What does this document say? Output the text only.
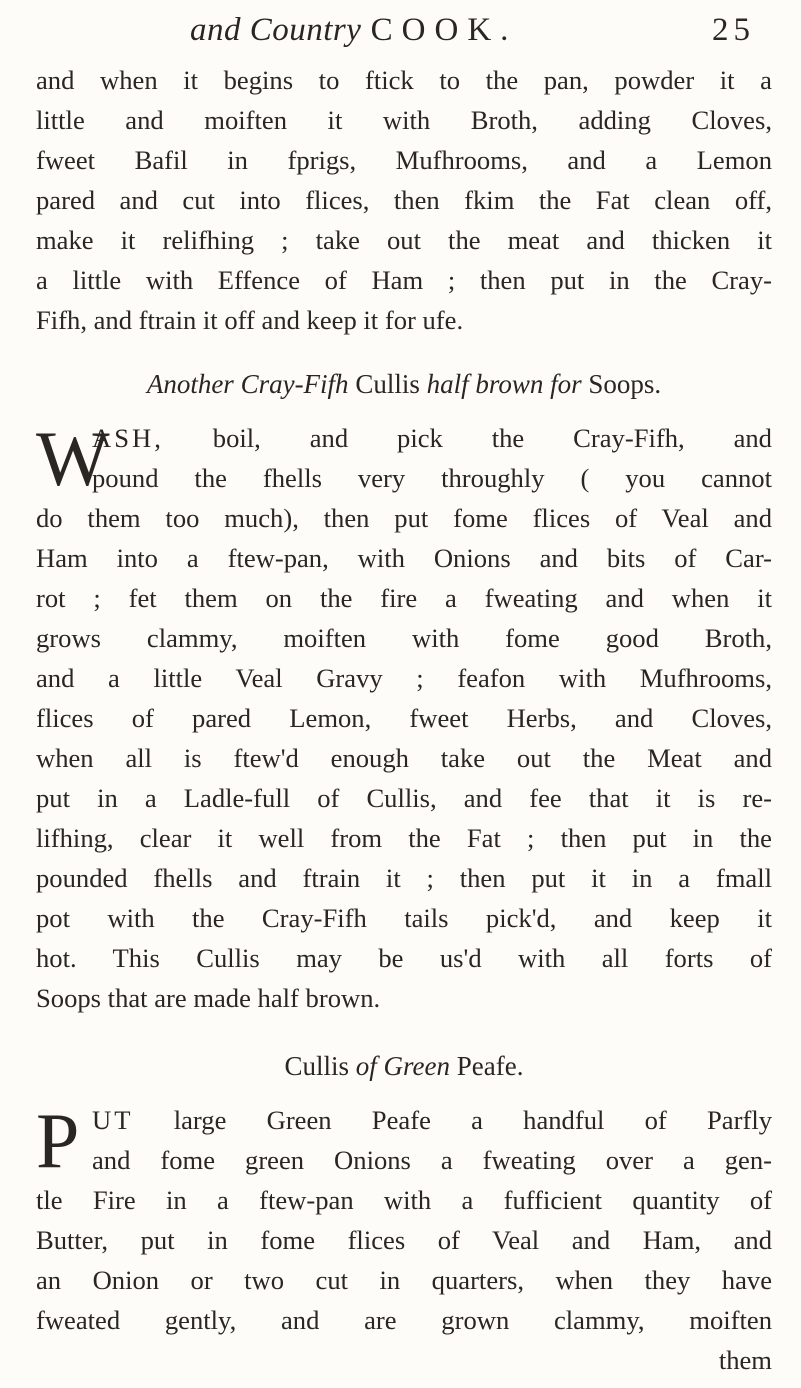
and Country COOK.	25
and when it begins to ftick to the pan, powder it a
little and moiften it with Broth, adding Cloves,
fweet Bafil in fprigs, Mufhrooms, and a Lemon
pared and cut into flices, then fkim the Fat clean off,
make it relifhing ; take out the meat and thicken it
a little with Effence of Ham ; then put in the Cray-
Fifh, and ftrain it off and keep it for ufe.
Another Cray-Fifh Cullis half brown for Soops.
W
ASH, boil, and pick the Cray-Fifh, and
pound the fhells very throughly ( you cannot
do them too much), then put fome flices of Veal and
Ham into a ftew-pan, with Onions and bits of Car-
rot ; fet them on the fire a fweating and when it
grows clammy, moiften with fome good Broth,
and a little Veal Gravy ; feafon with Mufhrooms,
flices of pared Lemon, fweet Herbs, and Cloves,
when all is ftew'd enough take out the Meat and
put in a Ladle-full of Cullis, and fee that it is re-
lifhing, clear it well from the Fat ; then put in the
pounded fhells and ftrain it ; then put it in a fmall
pot with the Cray-Fifh tails pick'd, and keep it
hot. This Cullis may be us'd with all forts of
Soops that are made half brown.
Cullis of Green Peafe.
P UT large Green Peafe a handful of Parfly
and fome green Onions a fweating over a gen-
tle Fire in a ftew-pan with a fufficient quantity of
Butter, put in fome flices of Veal and Ham, and
an Onion or two cut in quarters, when they have
fweated gently, and are grown clammy, moiften
them
